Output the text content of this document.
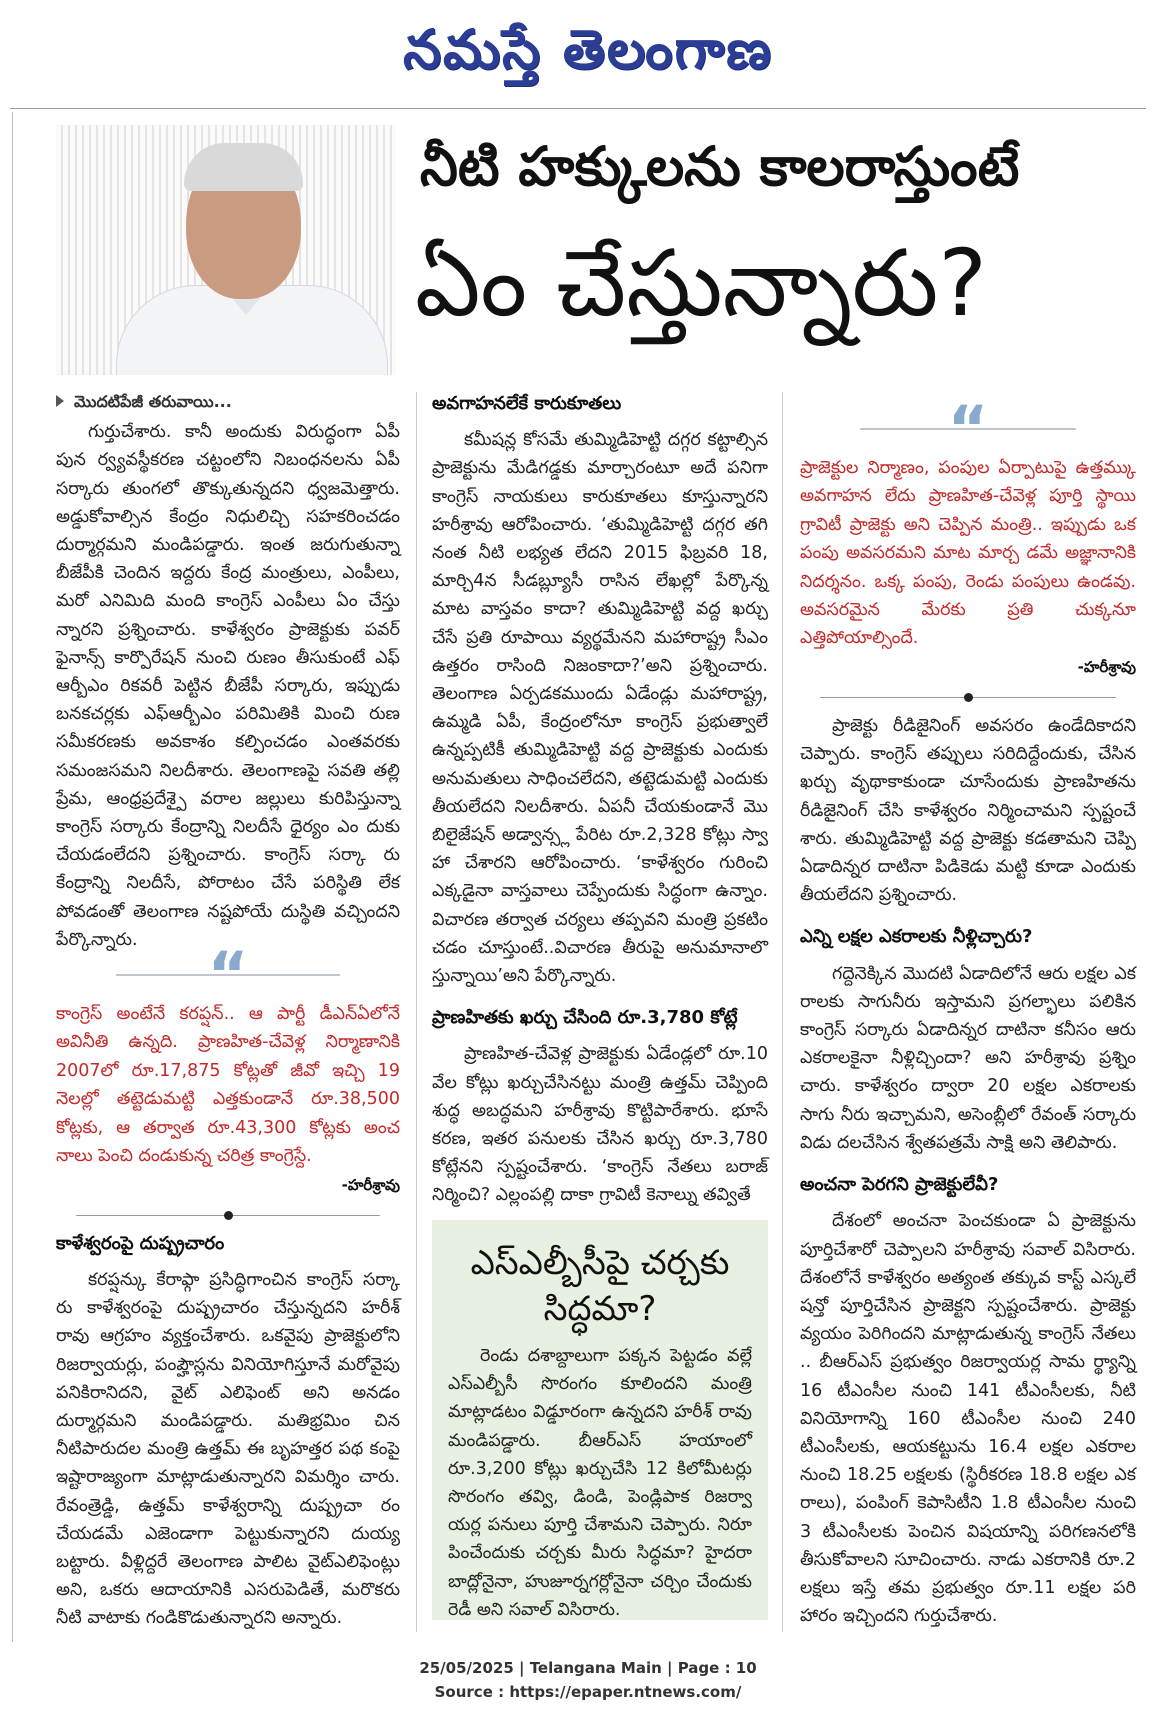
నమస్తే తెలంగాణ
నీటి హక్కులను కాలరాస్తుంటే
ఏం చేస్తున్నారు?
మొదటిపేజీ తరువాయి...

గుర్తుచేశారు. కానీ అందుకు విరుద్ధంగా ఏపీ పున ర్వ్యవస్థీకరణ చట్టంలోని నిబంధనలను ఏపీ సర్కారు తుంగలో తొక్కుతున్నదని ధ్వజమెత్తారు. అడ్డుకోవాల్సిన కేంద్రం నిధులిచ్చి సహకరించడం దుర్మార్గమని మండిపడ్డారు. ఇంత జరుగుతున్నా బీజేపీకి చెందిన ఇద్దరు కేంద్ర మంత్రులు, ఎంపీలు, మరో ఎనిమిది మంది కాంగ్రెస్ ఎంపీలు ఏం చేస్తు న్నారని ప్రశ్నించారు. కాళేశ్వరం ప్రాజెక్టుకు పవర్ ఫైనాన్స్ కార్పొరేషన్ నుంచి రుణం తీసుకుంటే ఎఫ్ ఆర్బీఎం రికవరీ పెట్టిన బీజేపీ సర్కారు, ఇప్పుడు బనకచర్లకు ఎఫ్ఆర్బీఎం పరిమితికి మించి రుణ సమీకరణకు అవకాశం కల్పించడం ఎంతవరకు సమంజసమని నిలదీశారు. తెలంగాణపై సవతి తల్లి ప్రేమ, ఆంధ్రప్రదేశ్పై వరాల జల్లులు కురిపిస్తున్నా కాంగ్రెస్ సర్కారు కేంద్రాన్ని నిలదీసే ధైర్యం ఎం దుకు చేయడంలేదని ప్రశ్నించారు. కాంగ్రెస్ సర్కా రు కేంద్రాన్ని నిలదీసే, పోరాటం చేసే పరిస్థితి లేక పోవడంతో తెలంగాణ నష్టపోయే దుస్థితి వచ్చిందని పేర్కొన్నారు.	“
కాంగ్రెస్ అంటేనే కరప్షన్.. ఆ పార్టీ డీఎన్ఏలోనే అవినీతి ఉన్నది. ప్రాణహిత-చేవెళ్ల నిర్మాణానికి 2007లో రూ.17,875 కోట్లతో జీవో ఇచ్చి 19 నెలల్లో తట్టెడుమట్టి ఎత్తకుండానే రూ.38,500 కోట్లకు, ఆ తర్వాత రూ.43,300 కోట్లకు అంచ నాలు పెంచి దండుకున్న చరిత్ర కాంగ్రెస్దే.
-హరీశ్రావు
కాళేశ్వరంపై దుష్ప్రచారం

కరప్షన్కు కేరాఫ్గా ప్రసిద్ధిగాంచిన కాంగ్రెస్ సర్కా రు కాళేశ్వరంపై దుష్ప్రచారం చేస్తున్నదని హరీశ్ రావు ఆగ్రహం వ్యక్తంచేశారు. ఒకవైపు ప్రాజెక్టులోని రిజర్వాయర్లు, పంప్హౌస్లను వినియోగిస్తూనే మరోవైపు పనికిరానిదని, వైట్ ఎలిఫెంట్ అని అనడం దుర్మార్గమని మండిపడ్డారు. మతిభ్రమిం చిన నీటిపారుదల మంత్రి ఉత్తమ్ ఈ బృహత్తర పథ కంపై ఇష్టారాజ్యంగా మాట్లాడుతున్నారని విమర్శిం చారు. రేవంత్రెడ్డి, ఉత్తమ్ కాళేశ్వరాన్ని దుష్ప్రచా రం చేయడమే ఎజెండాగా పెట్టుకున్నారని దుయ్య బట్టారు. వీళ్లిద్దరే తెలంగాణ పాలిట వైట్ఎలిఫెంట్లు అని, ఒకరు ఆదాయానికి ఎసరుపెడితే, మరొకరు నీటి వాటాకు గండికొడుతున్నారని అన్నారు.

అవగాహనలేకే కారుకూతలు

కమీషన్ల కోసమే తుమ్మిడిహెట్టి దగ్గర కట్టాల్సిన ప్రాజెక్టును మేడిగడ్డకు మార్చారంటూ అదే పనిగా కాంగ్రెస్ నాయకులు కారుకూతలు కూస్తున్నారని హరీశ్రావు ఆరోపించారు. ‘తుమ్మిడిహెట్టి దగ్గర తగి నంత నీటి లభ్యత లేదని 2015 ఫిబ్రవరి 18, మార్చి4న సీడబ్ల్యూసీ రాసిన లేఖల్లో పేర్కొన్న మాట వాస్తవం కాదా? తుమ్మిడిహెట్టి వద్ద ఖర్చు చేసే ప్రతి రూపాయి వ్యర్థమేనని మహారాష్ట్ర సీఎం ఉత్తరం రాసింది నిజంకాదా?’అని ప్రశ్నించారు. తెలంగాణ ఏర్పడకముందు ఏడేండ్లు మహారాష్ట్ర, ఉమ్మడి ఏపీ, కేంద్రంలోనూ కాంగ్రెస్ ప్రభుత్వాలే ఉన్నప్పటికీ తుమ్మిడిహెట్టి వద్ద ప్రాజెక్టుకు ఎందుకు అనుమతులు సాధించలేదని, తట్టెడుమట్టి ఎందుకు తీయలేదని నిలదీశారు. ఏపనీ చేయకుండానే మొ బిలైజేషన్ అడ్వాన్స్ల పేరిట రూ.2,328 కోట్లు స్వా హా చేశారని ఆరోపించారు. ‘కాళేశ్వరం గురించి ఎక్కడైనా వాస్తవాలు చెప్పేందుకు సిద్ధంగా ఉన్నాం. విచారణ తర్వాత చర్యలు తప్పవని మంత్రి ప్రకటిం చడం చూస్తుంటే..విచారణ తీరుపై అనుమానాలొ స్తున్నాయి’అని పేర్కొన్నారు.

ప్రాణహితకు ఖర్చు చేసింది రూ.3,780 కోట్లే

ప్రాణహిత-చేవెళ్ల ప్రాజెక్టుకు ఏడేండ్లలో రూ.10 వేల కోట్లు ఖర్చుచేసినట్టు మంత్రి ఉత్తమ్ చెప్పింది శుద్ధ అబద్ధమని హరీశ్రావు కొట్టిపారేశారు. భూసే కరణ, ఇతర పనులకు చేసిన ఖర్చు రూ.3,780 కోట్లేనని స్పష్టంచేశారు. ‘కాంగ్రెస్ నేతలు బరాజ్ నిర్మించి? ఎల్లంపల్లి దాకా గ్రావిటీ కెనాల్ను తవ్వితే

ఎస్ఎల్బీసీపై చర్చకు సిద్ధమా?

రెండు దశాబ్దాలుగా పక్కన పెట్టడం వల్లే ఎస్ఎల్బీసీ సొరంగం కూలిందని మంత్రి మాట్లాడటం విడ్డూరంగా ఉన్నదని హరీశ్ రావు మండిపడ్డారు. బీఆర్ఎస్ హయాంలో రూ.3,200 కోట్లు ఖర్చుచేసి 12 కిలోమీటర్లు సొరంగం తవ్వి, డిండి, పెండ్లిపాక రిజర్వా యర్ల పనులు పూర్తి చేశామని చెప్పారు. నిరూ పించేందుకు చర్చకు మీరు సిద్ధమా? హైదరా బాద్లోనైనా, హుజూర్నగర్లోనైనా చర్చిం చేందుకు రెడీ అని సవాల్ విసిరారు.

“
ప్రాజెక్టుల నిర్మాణం, పంపుల ఏర్పాటుపై ఉత్తమ్కు అవగాహన లేదు ప్రాణహిత-చేవెళ్ల పూర్తి స్థాయి గ్రావిటీ ప్రాజెక్టు అని చెప్పిన మంత్రి.. ఇప్పుడు ఒక పంపు అవసరమని మాట మార్చ డమే అజ్ఞానానికి నిదర్శనం. ఒక్క పంపు, రెండు పంపులు ఉండవు. అవసరమైన మేరకు ప్రతి చుక్కనూ ఎత్తిపోయాల్సిందే.
-హరీశ్రావు

ప్రాజెక్టు రీడిజైనింగ్ అవసరం ఉండేదికాదని చెప్పారు. కాంగ్రెస్ తప్పులు సరిదిద్దేందుకు, చేసిన ఖర్చు వృథాకాకుండా చూసేందుకు ప్రాణహితను రీడిజైనింగ్ చేసి కాళేశ్వరం నిర్మించామని స్పష్టంచే శారు. తుమ్మిడిహెట్టి వద్ద ప్రాజెక్టు కడతామని చెప్పి ఏడాదిన్నర దాటినా పిడికెడు మట్టి కూడా ఎందుకు తీయలేదని ప్రశ్నించారు.

ఎన్ని లక్షల ఎకరాలకు నీళ్లిచ్చారు?

గద్దెనెక్కిన మొదటి ఏడాదిలోనే ఆరు లక్షల ఎక రాలకు సాగునీరు ఇస్తామని ప్రగల్భాలు పలికిన కాంగ్రెస్ సర్కారు ఏడాదిన్నర దాటినా కనీసం ఆరు ఎకరాలకైనా నీళ్లిచ్చిందా? అని హరీశ్రావు ప్రశ్నిం చారు. కాళేశ్వరం ద్వారా 20 లక్షల ఎకరాలకు సాగు నీరు ఇచ్చామని, అసెంబ్లీలో రేవంత్ సర్కారు విడు దలచేసిన శ్వేతపత్రమే సాక్షి అని తెలిపారు.

అంచనా పెరగని ప్రాజెక్టులేవీ?

దేశంలో అంచనా పెంచకుండా ఏ ప్రాజెక్టును పూర్తిచేశారో చెప్పాలని హరీశ్రావు సవాల్ విసిరారు. దేశంలోనే కాళేశ్వరం అత్యంత తక్కువ కాస్ట్ ఎస్కలే షన్తో పూర్తిచేసిన ప్రాజెక్టని స్పష్టంచేశారు. ప్రాజెక్టు వ్యయం పెరిగిందని మాట్లాడుతున్న కాంగ్రెస్ నేతలు .. బీఆర్ఎస్ ప్రభుత్వం రిజర్వాయర్ల సామ ర్థ్యాన్ని 16 టీఎంసీల నుంచి 141 టీఎంసీలకు, నీటి వినియోగాన్ని 160 టీఎంసీల నుంచి 240 టీఎంసీలకు, ఆయకట్టును 16.4 లక్షల ఎకరాల నుంచి 18.25 లక్షలకు (స్థిరీకరణ 18.8 లక్షల ఎక రాలు), పంపింగ్ కెపాసిటీని 1.8 టీఎంసీల నుంచి 3 టీఎంసీలకు పెంచిన విషయాన్ని పరిగణనలోకి తీసుకోవాలని సూచించారు. నాడు ఎకరానికి రూ.2 లక్షలు ఇస్తే తమ ప్రభుత్వం రూ.11 లక్షల పరి హారం ఇచ్చిందని గుర్తుచేశారు.

25/05/2025 | Telangana Main | Page : 10
Source : https://epaper.ntnews.com/
